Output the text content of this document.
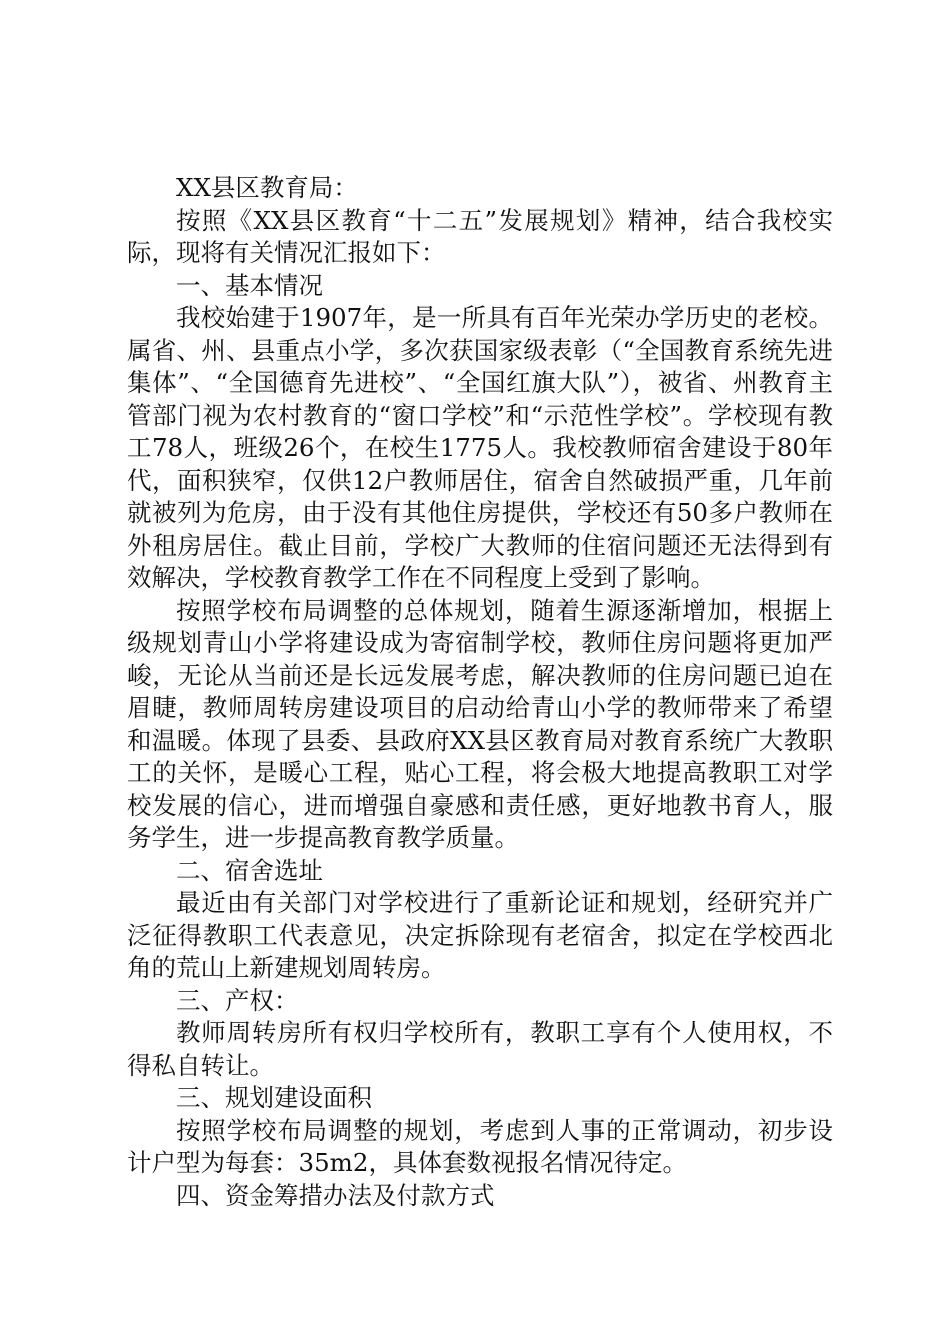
XX县区教育局：

按照《XX县区教育“十二五”发展规划》精神，结合我校实际，现将有关情况汇报如下：

一、基本情况

我校始建于1907年，是一所具有百年光荣办学历史的老校。属省、州、县重点小学，多次获国家级表彰（“全国教育系统先进集体”、“全国德育先进校”、“全国红旗大队”），被省、州教育主管部门视为农村教育的“窗口学校”和“示范性学校”。学校现有教工78人，班级26个，在校生1775人。我校教师宿舍建设于80年代，面积狭窄，仅供12户教师居住，宿舍自然破损严重，几年前就被列为危房，由于没有其他住房提供，学校还有50多户教师在外租房居住。截止目前，学校广大教师的住宿问题还无法得到有效解决，学校教育教学工作在不同程度上受到了影响。

按照学校布局调整的总体规划，随着生源逐渐增加，根据上级规划青山小学将建设成为寄宿制学校，教师住房问题将更加严峻，无论从当前还是长远发展考虑，解决教师的住房问题已迫在眉睫，教师周转房建设项目的启动给青山小学的教师带来了希望和温暖。体现了县委、县政府XX县区教育局对教育系统广大教职工的关怀，是暖心工程，贴心工程，将会极大地提高教职工对学校发展的信心，进而增强自豪感和责任感，更好地教书育人，服务学生，进一步提高教育教学质量。

二、宿舍选址

最近由有关部门对学校进行了重新论证和规划，经研究并广泛征得教职工代表意见，决定拆除现有老宿舍，拟定在学校西北角的荒山上新建规划周转房。

三、产权：

教师周转房所有权归学校所有，教职工享有个人使用权，不得私自转让。

三、规划建设面积

按照学校布局调整的规划，考虑到人事的正常调动，初步设计户型为每套：35m2，具体套数视报名情况待定。

四、资金筹措办法及付款方式
